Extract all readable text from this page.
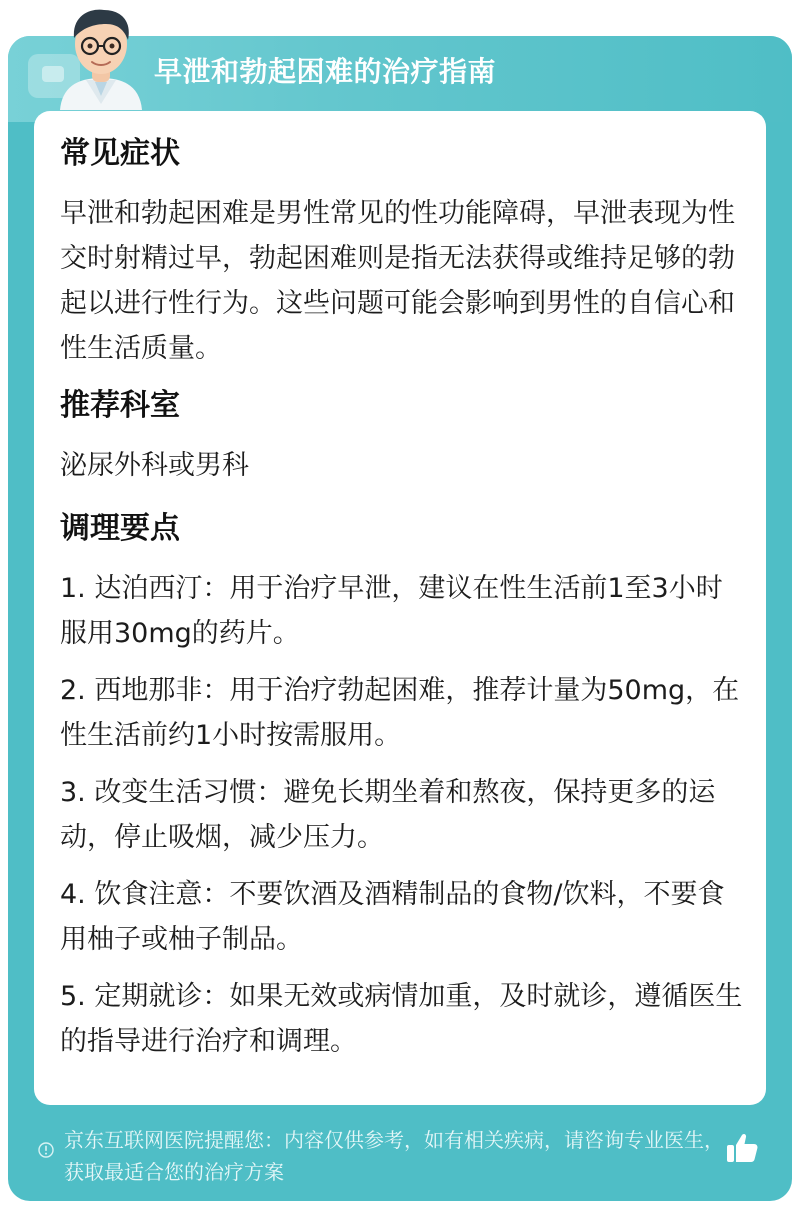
早泄和勃起困难的治疗指南
常见症状
早泄和勃起困难是男性常见的性功能障碍，早泄表现为性交时射精过早，勃起困难则是指无法获得或维持足够的勃起以进行性行为。这些问题可能会影响到男性的自信心和性生活质量。
推荐科室
泌尿外科或男科
调理要点
1. 达泊西汀：用于治疗早泄，建议在性生活前1至3小时服用30mg的药片。
2. 西地那非：用于治疗勃起困难，推荐计量为50mg，在性生活前约1小时按需服用。
3. 改变生活习惯：避免长期坐着和熬夜，保持更多的运动，停止吸烟，减少压力。
4. 饮食注意：不要饮酒及酒精制品的食物/饮料，不要食用柚子或柚子制品。
5. 定期就诊：如果无效或病情加重，及时就诊，遵循医生的指导进行治疗和调理。
京东互联网医院提醒您：内容仅供参考，如有相关疾病，请咨询专业医生，获取最适合您的治疗方案
